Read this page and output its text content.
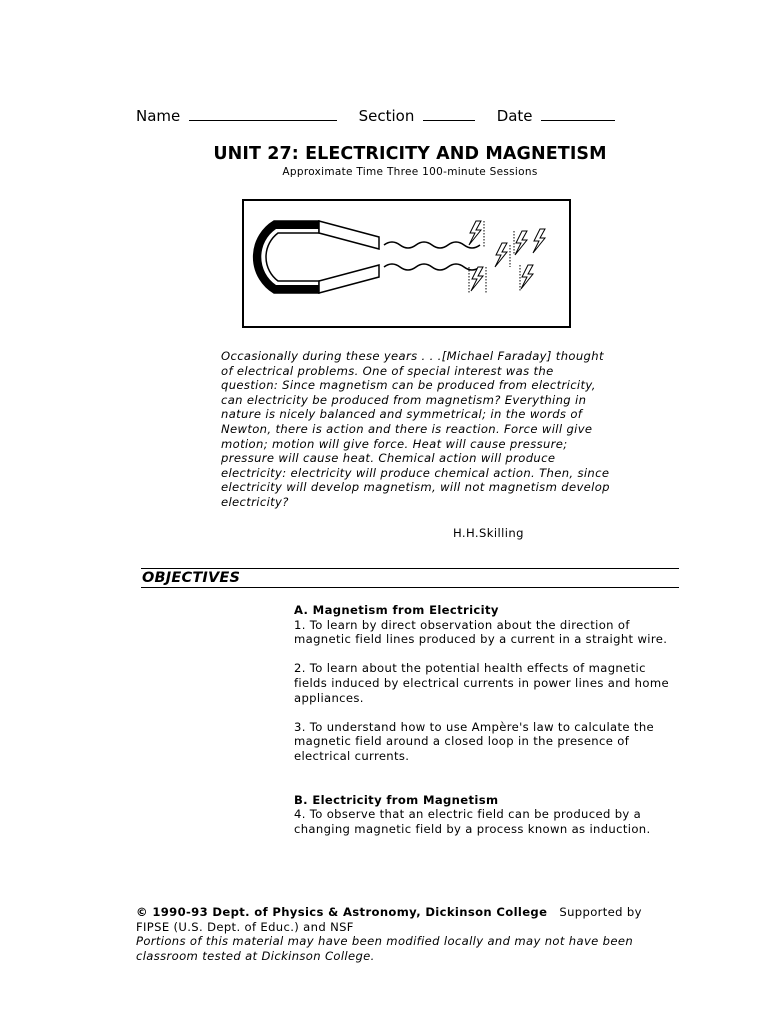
Name	Section	Date
UNIT 27: ELECTRICITY AND MAGNETISM
Approximate Time Three 100-minute Sessions
Occasionally during these years . . .[Michael Faraday] thought of electrical problems. One of special interest was the question: Since magnetism can be produced from electricity, can electricity be produced from magnetism? Everything in nature is nicely balanced and symmetrical; in the words of Newton, there is action and there is reaction. Force will give motion; motion will give force. Heat will cause pressure; pressure will cause heat. Chemical action will produce electricity: electricity will produce chemical action. Then, since electricity will develop magnetism, will not magnetism develop electricity?
H.H.Skilling
OBJECTIVES

A. Magnetism from Electricity

1. To learn by direct observation about the direction of magnetic field lines produced by a current in a straight wire.

2. To learn about the potential health effects of magnetic fields induced by electrical currents in power lines and home appliances.

3. To understand how to use Ampère's law to calculate the magnetic field around a closed loop in the presence of electrical currents.

B. Electricity from Magnetism

4. To observe that an electric field can be produced by a changing magnetic field by a process known as induction.

© 1990-93 Dept. of Physics & Astronomy, Dickinson College   Supported by FIPSE (U.S. Dept. of Educ.) and NSF
Portions of this material may have been modified locally and may not have been classroom tested at Dickinson College.
